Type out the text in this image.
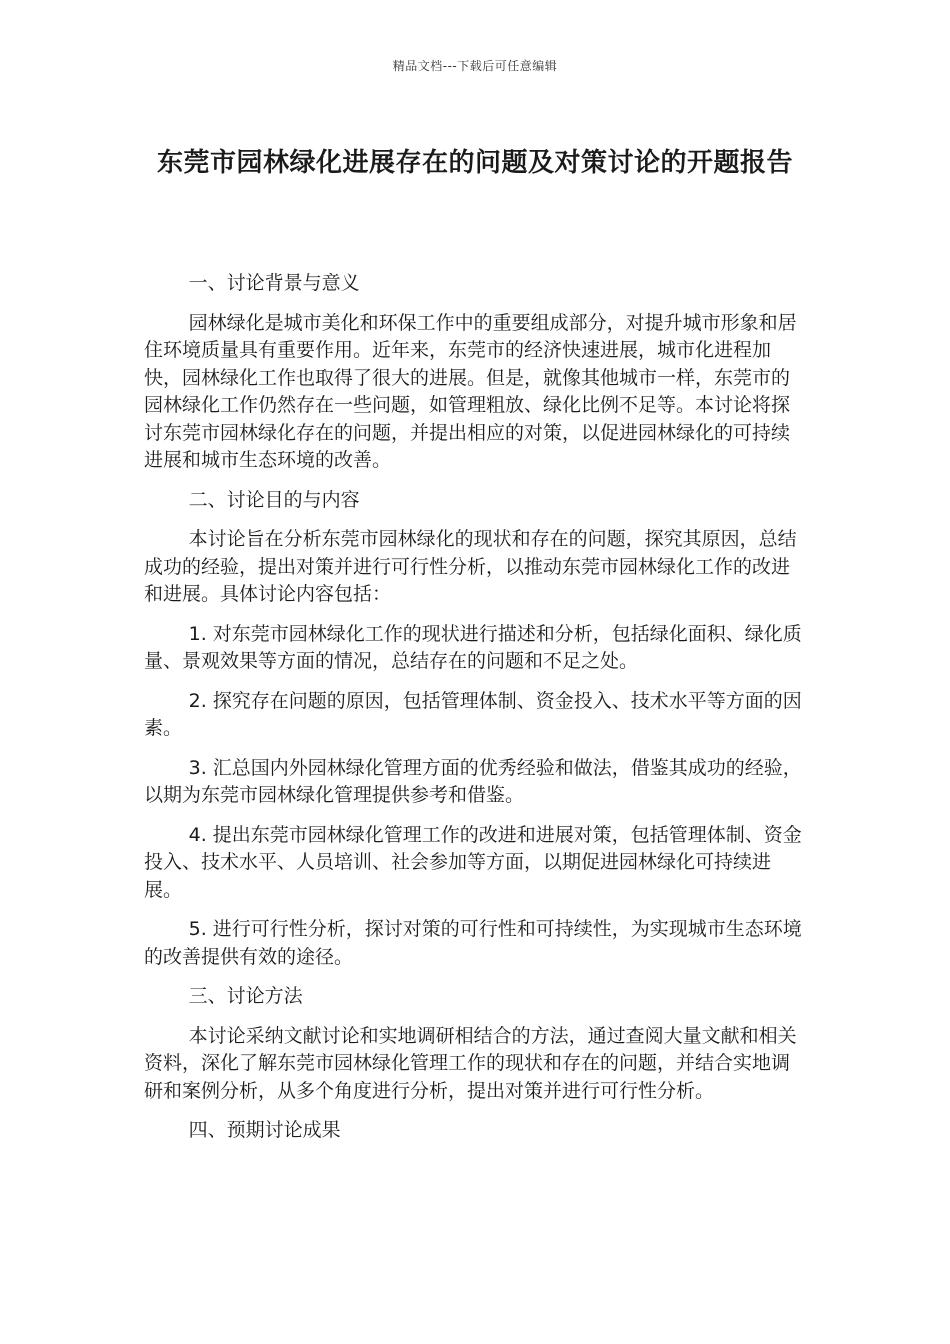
精品文档---下载后可任意编辑
东莞市园林绿化进展存在的问题及对策讨论的开题报告

一、讨论背景与意义

园林绿化是城市美化和环保工作中的重要组成部分，对提升城市形象和居住环境质量具有重要作用。近年来，东莞市的经济快速进展，城市化进程加快，园林绿化工作也取得了很大的进展。但是，就像其他城市一样，东莞市的园林绿化工作仍然存在一些问题，如管理粗放、绿化比例不足等。本讨论将探讨东莞市园林绿化存在的问题，并提出相应的对策，以促进园林绿化的可持续进展和城市生态环境的改善。

二、讨论目的与内容

本讨论旨在分析东莞市园林绿化的现状和存在的问题，探究其原因，总结成功的经验，提出对策并进行可行性分析，以推动东莞市园林绿化工作的改进和进展。具体讨论内容包括：

1. 对东莞市园林绿化工作的现状进行描述和分析，包括绿化面积、绿化质量、景观效果等方面的情况，总结存在的问题和不足之处。

2. 探究存在问题的原因，包括管理体制、资金投入、技术水平等方面的因素。

3. 汇总国内外园林绿化管理方面的优秀经验和做法，借鉴其成功的经验，以期为东莞市园林绿化管理提供参考和借鉴。

4. 提出东莞市园林绿化管理工作的改进和进展对策，包括管理体制、资金投入、技术水平、人员培训、社会参加等方面，以期促进园林绿化可持续进展。

5. 进行可行性分析，探讨对策的可行性和可持续性，为实现城市生态环境的改善提供有效的途径。

三、讨论方法

本讨论采纳文献讨论和实地调研相结合的方法，通过查阅大量文献和相关资料，深化了解东莞市园林绿化管理工作的现状和存在的问题，并结合实地调研和案例分析，从多个角度进行分析，提出对策并进行可行性分析。

四、预期讨论成果
